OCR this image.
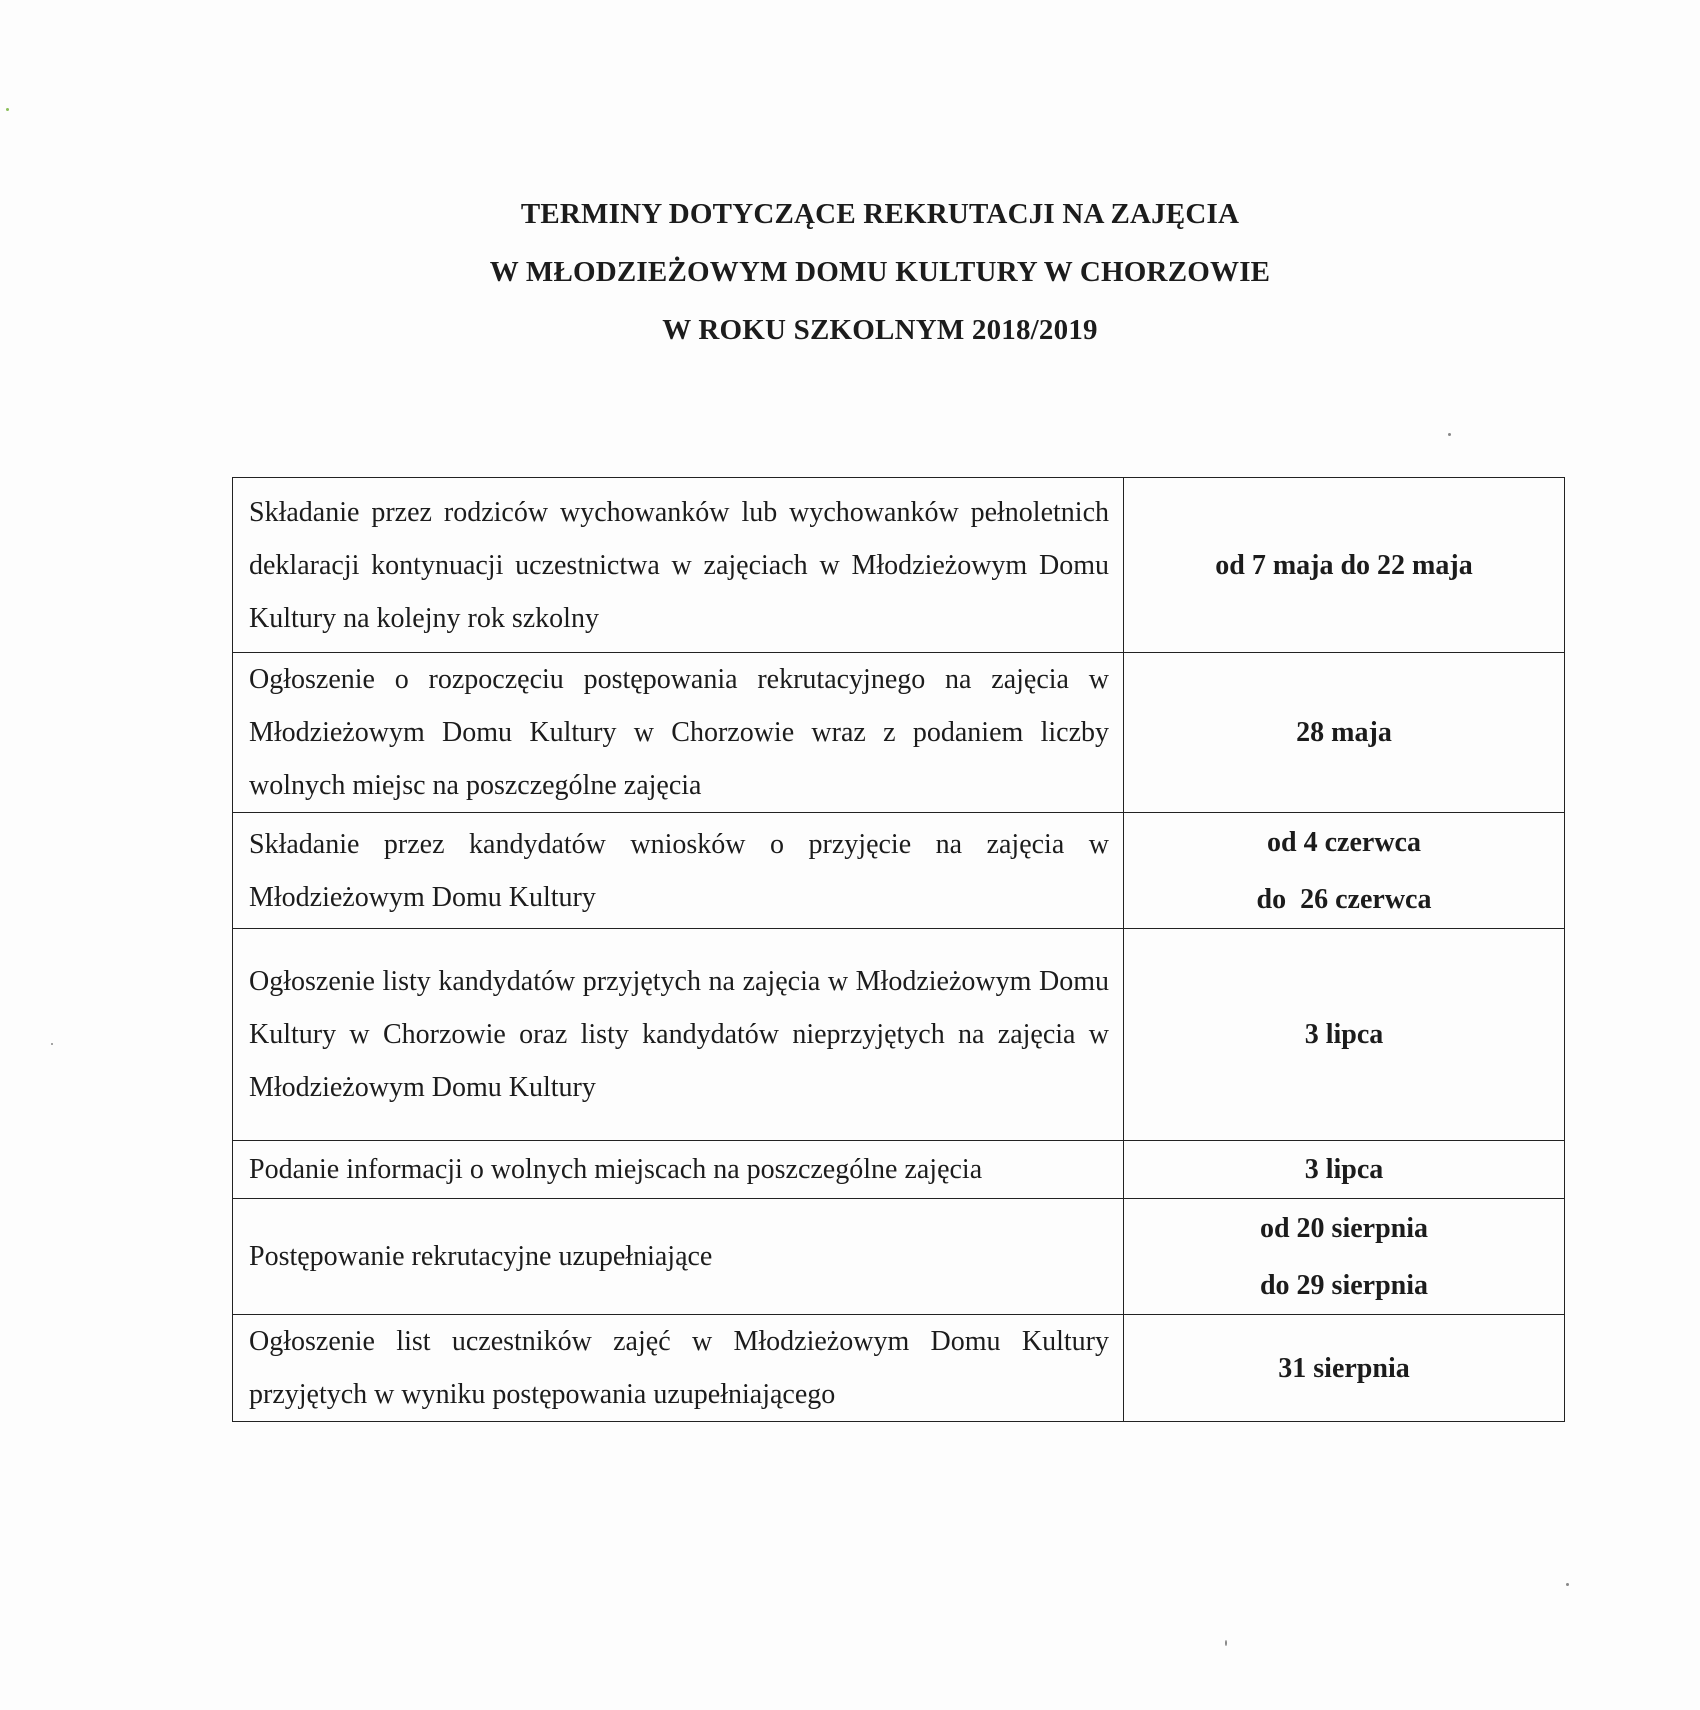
TERMINY DOTYCZĄCE REKRUTACJI NA ZAJĘCIA
W MŁODZIEŻOWYM DOMU KULTURY W CHORZOWIE
W ROKU SZKOLNYM 2018/2019
Składanie przez rodziców wychowanków lub wychowanków pełnoletnich deklaracji kontynuacji uczestnictwa w zajęciach w Młodzieżowym Domu Kultury na kolejny rok szkolny	od 7 maja do 22 maja

Ogłoszenie o rozpoczęciu postępowania rekrutacyjnego na zajęcia w Młodzieżowym Domu Kultury w Chorzowie wraz z podaniem liczby wolnych miejsc na poszczególne zajęcia	28 maja

Składanie przez kandydatów wniosków o przyjęcie na zajęcia w Młodzieżowym Domu Kultury	od 4 czerwca
do  26 czerwca

Ogłoszenie listy kandydatów przyjętych na zajęcia w Młodzieżowym Domu Kultury w Chorzowie oraz listy kandydatów nieprzyjętych na zajęcia w Młodzieżowym Domu Kultury	3 lipca

Podanie informacji o wolnych miejscach na poszczególne zajęcia	3 lipca

Postępowanie rekrutacyjne uzupełniające	od 20 sierpnia
do 29 sierpnia

Ogłoszenie list uczestników zajęć w Młodzieżowym Domu Kultury przyjętych w wyniku postępowania uzupełniającego	31 sierpnia
